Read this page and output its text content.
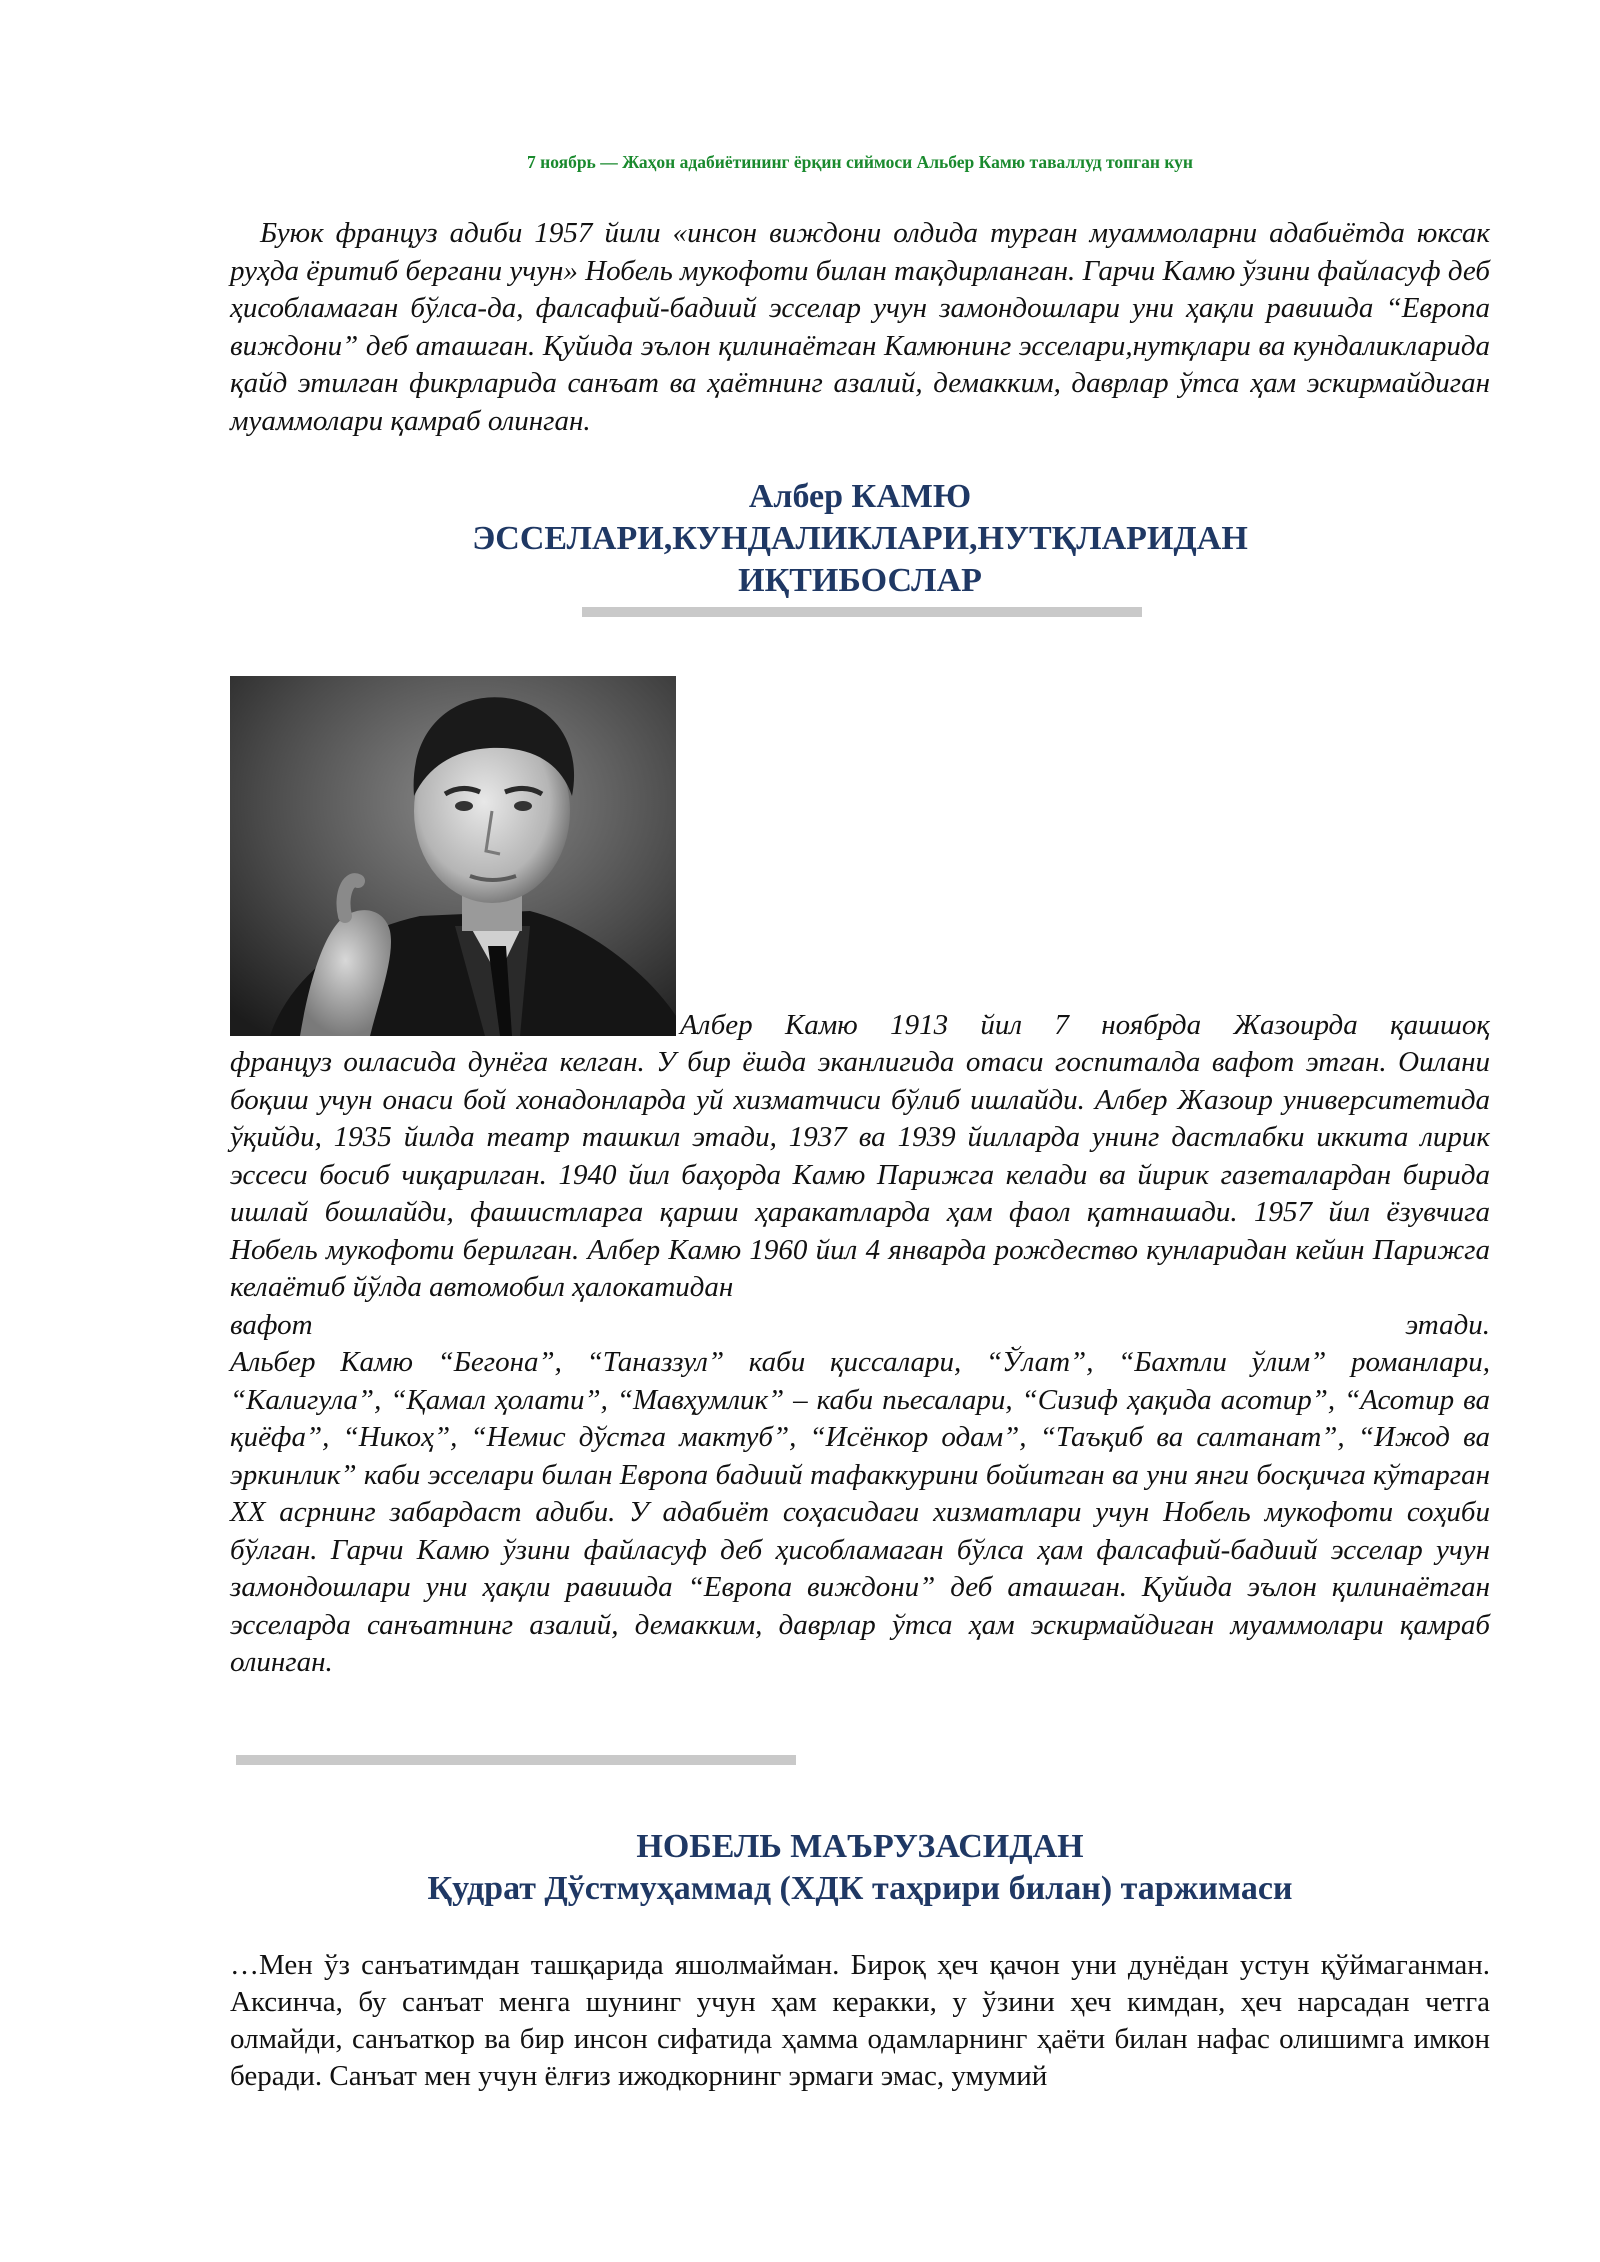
7 ноябрь — Жаҳон адабиётининг ёрқин сиймоси Альбер Камю таваллуд топган кун

Буюк француз адиби 1957 йили «инсон виждони олдида турган муаммоларни адабиётда юксак руҳда ёритиб бергани учун» Нобель мукофоти билан тақдирланган. Гарчи Камю ўзини файласуф деб ҳисобламаган бўлса-да, фалсафий-бадиий эсселар учун замондошлари уни ҳақли равишда “Европа виждони” деб аташган. Қуйида эълон қилинаётган Камюнинг эсселари,нутқлари ва кундаликларида қайд этилган фикрларида санъат ва ҳаётнинг азалий, демакким, даврлар ўтса ҳам эскирмайдиган муаммолари қамраб олинган.

Албер КАМЮ
ЭССЕЛАРИ,КУНДАЛИКЛАРИ,НУТҚЛАРИДАН
ИҚТИБОСЛАР

Албер Камю 1913 йил 7 ноябрда Жазоирда қашшоқ

француз оиласида дунёга келган. У бир ёшда эканлигида отаси госпиталда вафот этган. Оилани боқиш учун онаси бой хонадонларда уй хизматчиси бўлиб ишлайди. Албер Жазоир университетида ўқийди, 1935 йилда театр ташкил этади, 1937 ва 1939 йилларда унинг дастлабки иккита лирик эссеси босиб чиқарилган. 1940 йил баҳорда Камю Парижга келади ва йирик газеталардан бирида ишлай бошлайди, фашистларга қарши ҳаракатларда ҳам фаол қатнашади. 1957 йил ёзувчига Нобель мукофоти берилган. Албер Камю 1960 йил 4 январда рождество кунларидан кейин Парижга келаётиб йўлда автомобил ҳалокатидан

вафот	этади.

Альбер Камю “Бегона”, “Таназзул” каби қиссалари, “Ўлат”, “Бахтли ўлим” романлари, “Калигула”, “Қамал ҳолати”, “Мавҳумлик” – каби пьесалари, “Сизиф ҳақида асотир”, “Асотир ва қиёфа”, “Никоҳ”, “Немис дўстга мактуб”, “Исёнкор одам”, “Таъқиб ва салтанат”, “Ижод ва эркинлик” каби эсселари билан Европа бадиий тафаккурини бойитган ва уни янги босқичга кўтарган XX асрнинг забардаст адиби. У адабиёт соҳасидаги хизматлари учун Нобель мукофоти соҳиби бўлган. Гарчи Камю ўзини файласуф деб ҳисобламаган бўлса ҳам фалсафий-бадиий эсселар учун замондошлари уни ҳақли равишда “Европа виждони” деб аташган. Қуйида эълон қилинаётган эсселарда санъатнинг азалий, демакким, даврлар ўтса ҳам эскирмайдиган муаммолари қамраб олинган.

НОБЕЛЬ МАЪРУЗАСИДАН
Қудрат Дўстмуҳаммад (ХДК таҳрири билан) таржимаси

…Мен ўз санъатимдан ташқарида яшолмайман. Бироқ ҳеч қачон уни дунёдан устун қўймаганман. Аксинча, бу санъат менга шунинг учун ҳам керакки, у ўзини ҳеч кимдан, ҳеч нарсадан четга олмайди, санъаткор ва бир инсон сифатида ҳамма одамларнинг ҳаёти билан нафас олишимга имкон беради. Санъат мен учун ёлғиз ижодкорнинг эрмаги эмас, умумий
